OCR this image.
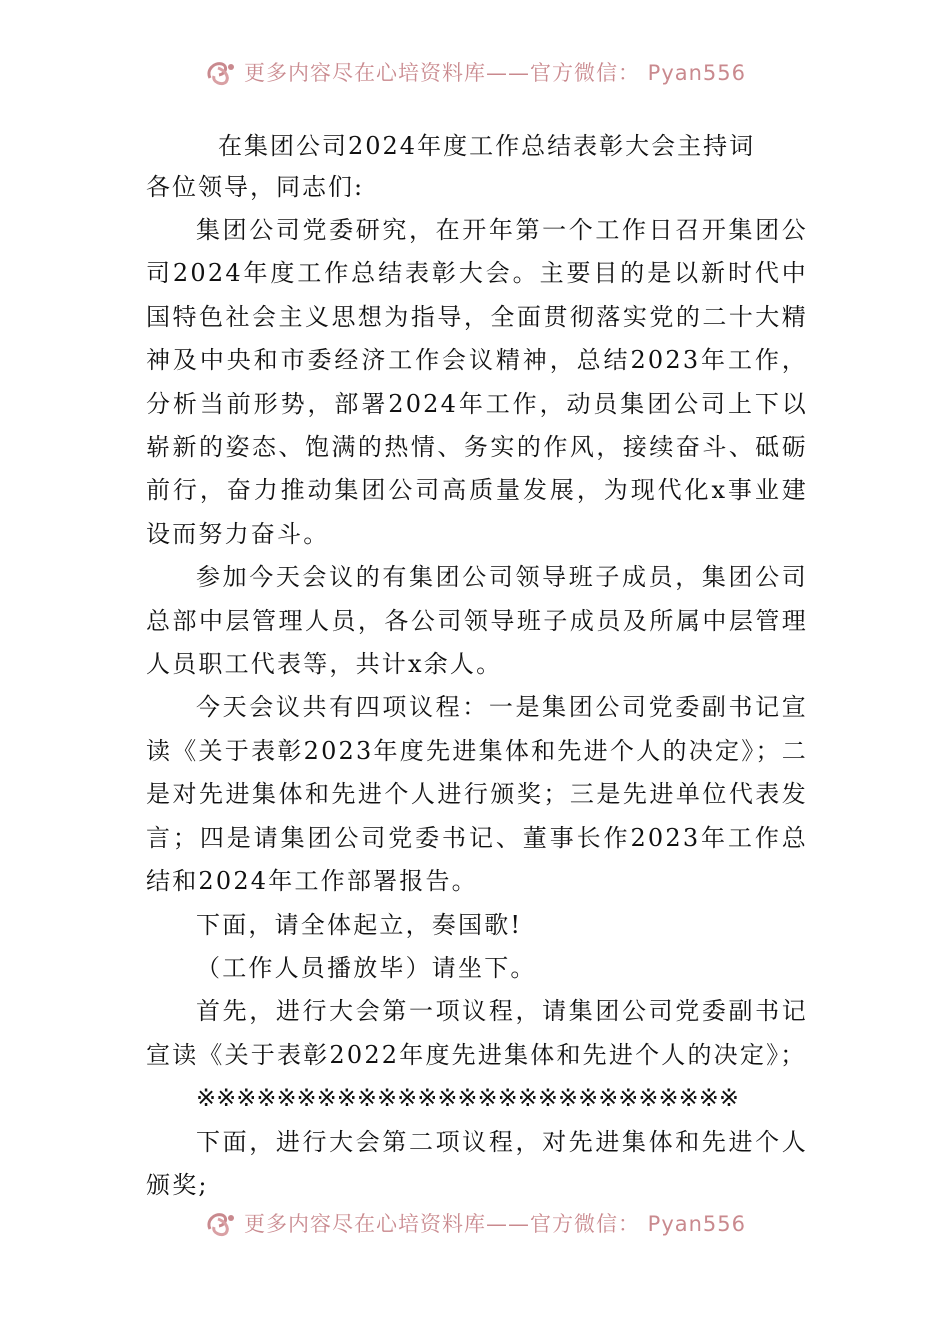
更多内容尽在心培资料库——官方微信： Pyan556
在集团公司2024年度工作总结表彰大会主持词

各位领导，同志们:

集团公司党委研究，在开年第一个工作日召开集团公司2024年度工作总结表彰大会。主要目的是以新时代中国特色社会主义思想为指导，全面贯彻落实党的二十大精神及中央和市委经济工作会议精神，总结2023年工作，分析当前形势，部署2024年工作，动员集团公司上下以崭新的姿态、饱满的热情、务实的作风，接续奋斗、砥砺前行，奋力推动集团公司高质量发展，为现代化x事业建设而努力奋斗。

参加今天会议的有集团公司领导班子成员，集团公司总部中层管理人员，各公司领导班子成员及所属中层管理人员职工代表等，共计x余人。

今天会议共有四项议程：一是集团公司党委副书记宣读《关于表彰2023年度先进集体和先进个人的决定》；二是对先进集体和先进个人进行颁奖；三是先进单位代表发言；四是请集团公司党委书记、董事长作2023年工作总结和2024年工作部署报告。

下面，请全体起立，奏国歌!

（工作人员播放毕）请坐下。

首先，进行大会第一项议程，请集团公司党委副书记宣读《关于表彰2022年度先进集体和先进个人的决定》；

※※※※※※※※※※※※※※※※※※※※※※※※※※※

下面，进行大会第二项议程，对先进集体和先进个人颁奖;

更多内容尽在心培资料库——官方微信： Pyan556
